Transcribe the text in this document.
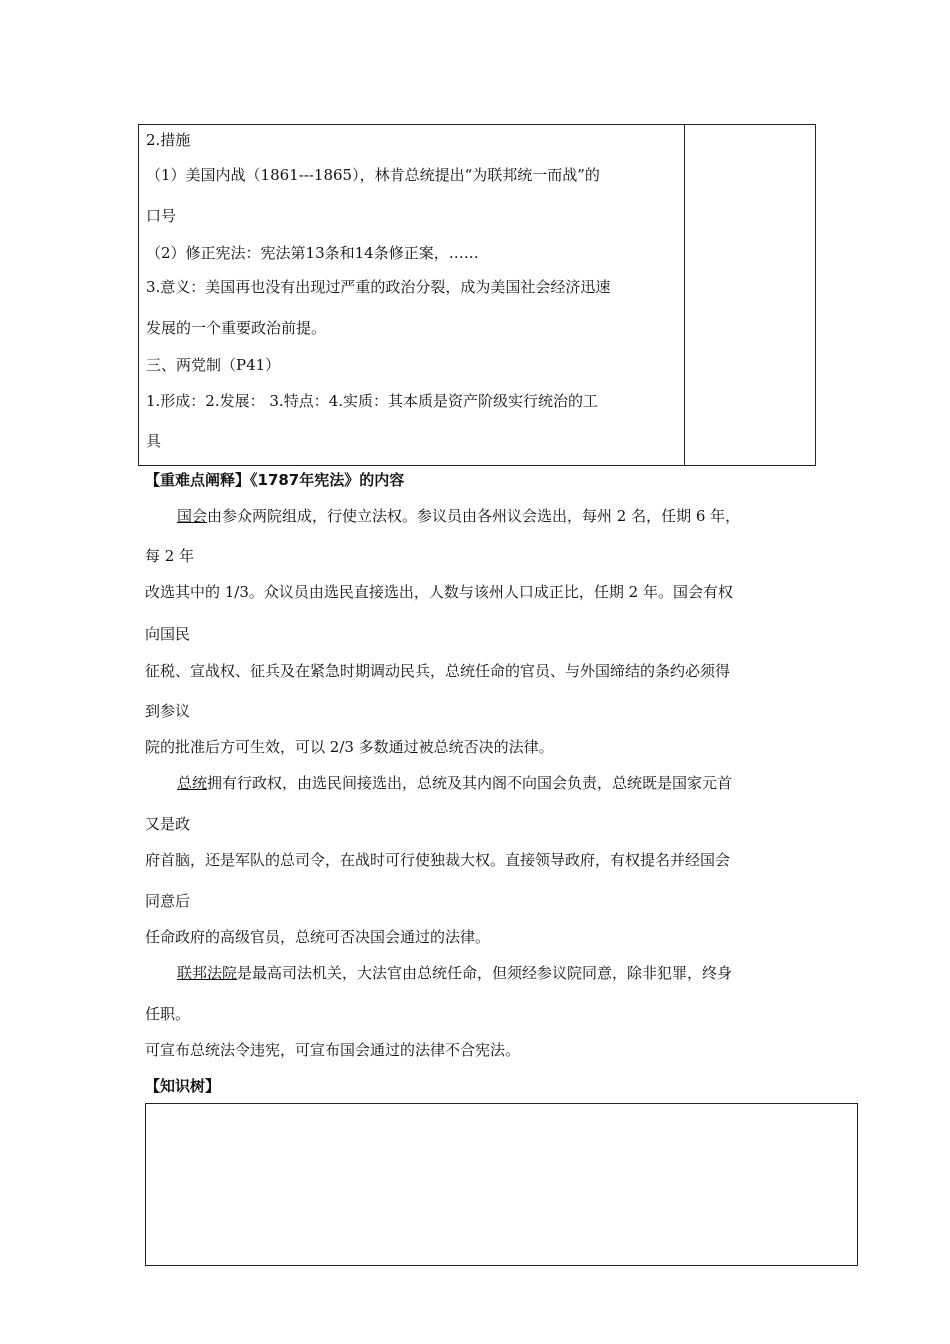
2.措施
（1）美国内战（1861---1865），林肯总统提出“为联邦统一而战”的
口号
（2）修正宪法：宪法第13条和14条修正案，……
3.意义：美国再也没有出现过严重的政治分裂，成为美国社会经济迅速
发展的一个重要政治前提。
三、两党制（P41）
1.形成：2.发展： 3.特点：4.实质：其本质是资产阶级实行统治的工
具
【重难点阐释】《1787年宪法》的内容
国会由参众两院组成，行使立法权。参议员由各州议会选出，每州 2 名，任期 6 年，
每 2 年
改选其中的 1/3。众议员由选民直接选出，人数与该州人口成正比，任期 2 年。国会有权
向国民
征税、宣战权、征兵及在紧急时期调动民兵，总统任命的官员、与外国缔结的条约必须得
到参议
院的批准后方可生效，可以 2/3 多数通过被总统否决的法律。
总统拥有行政权，由选民间接选出，总统及其内阁不向国会负责，总统既是国家元首
又是政
府首脑，还是军队的总司令，在战时可行使独裁大权。直接领导政府，有权提名并经国会
同意后
任命政府的高级官员，总统可否决国会通过的法律。
联邦法院是最高司法机关，大法官由总统任命，但须经参议院同意，除非犯罪，终身
任职。
可宣布总统法令违宪，可宣布国会通过的法律不合宪法。
【知识树】
